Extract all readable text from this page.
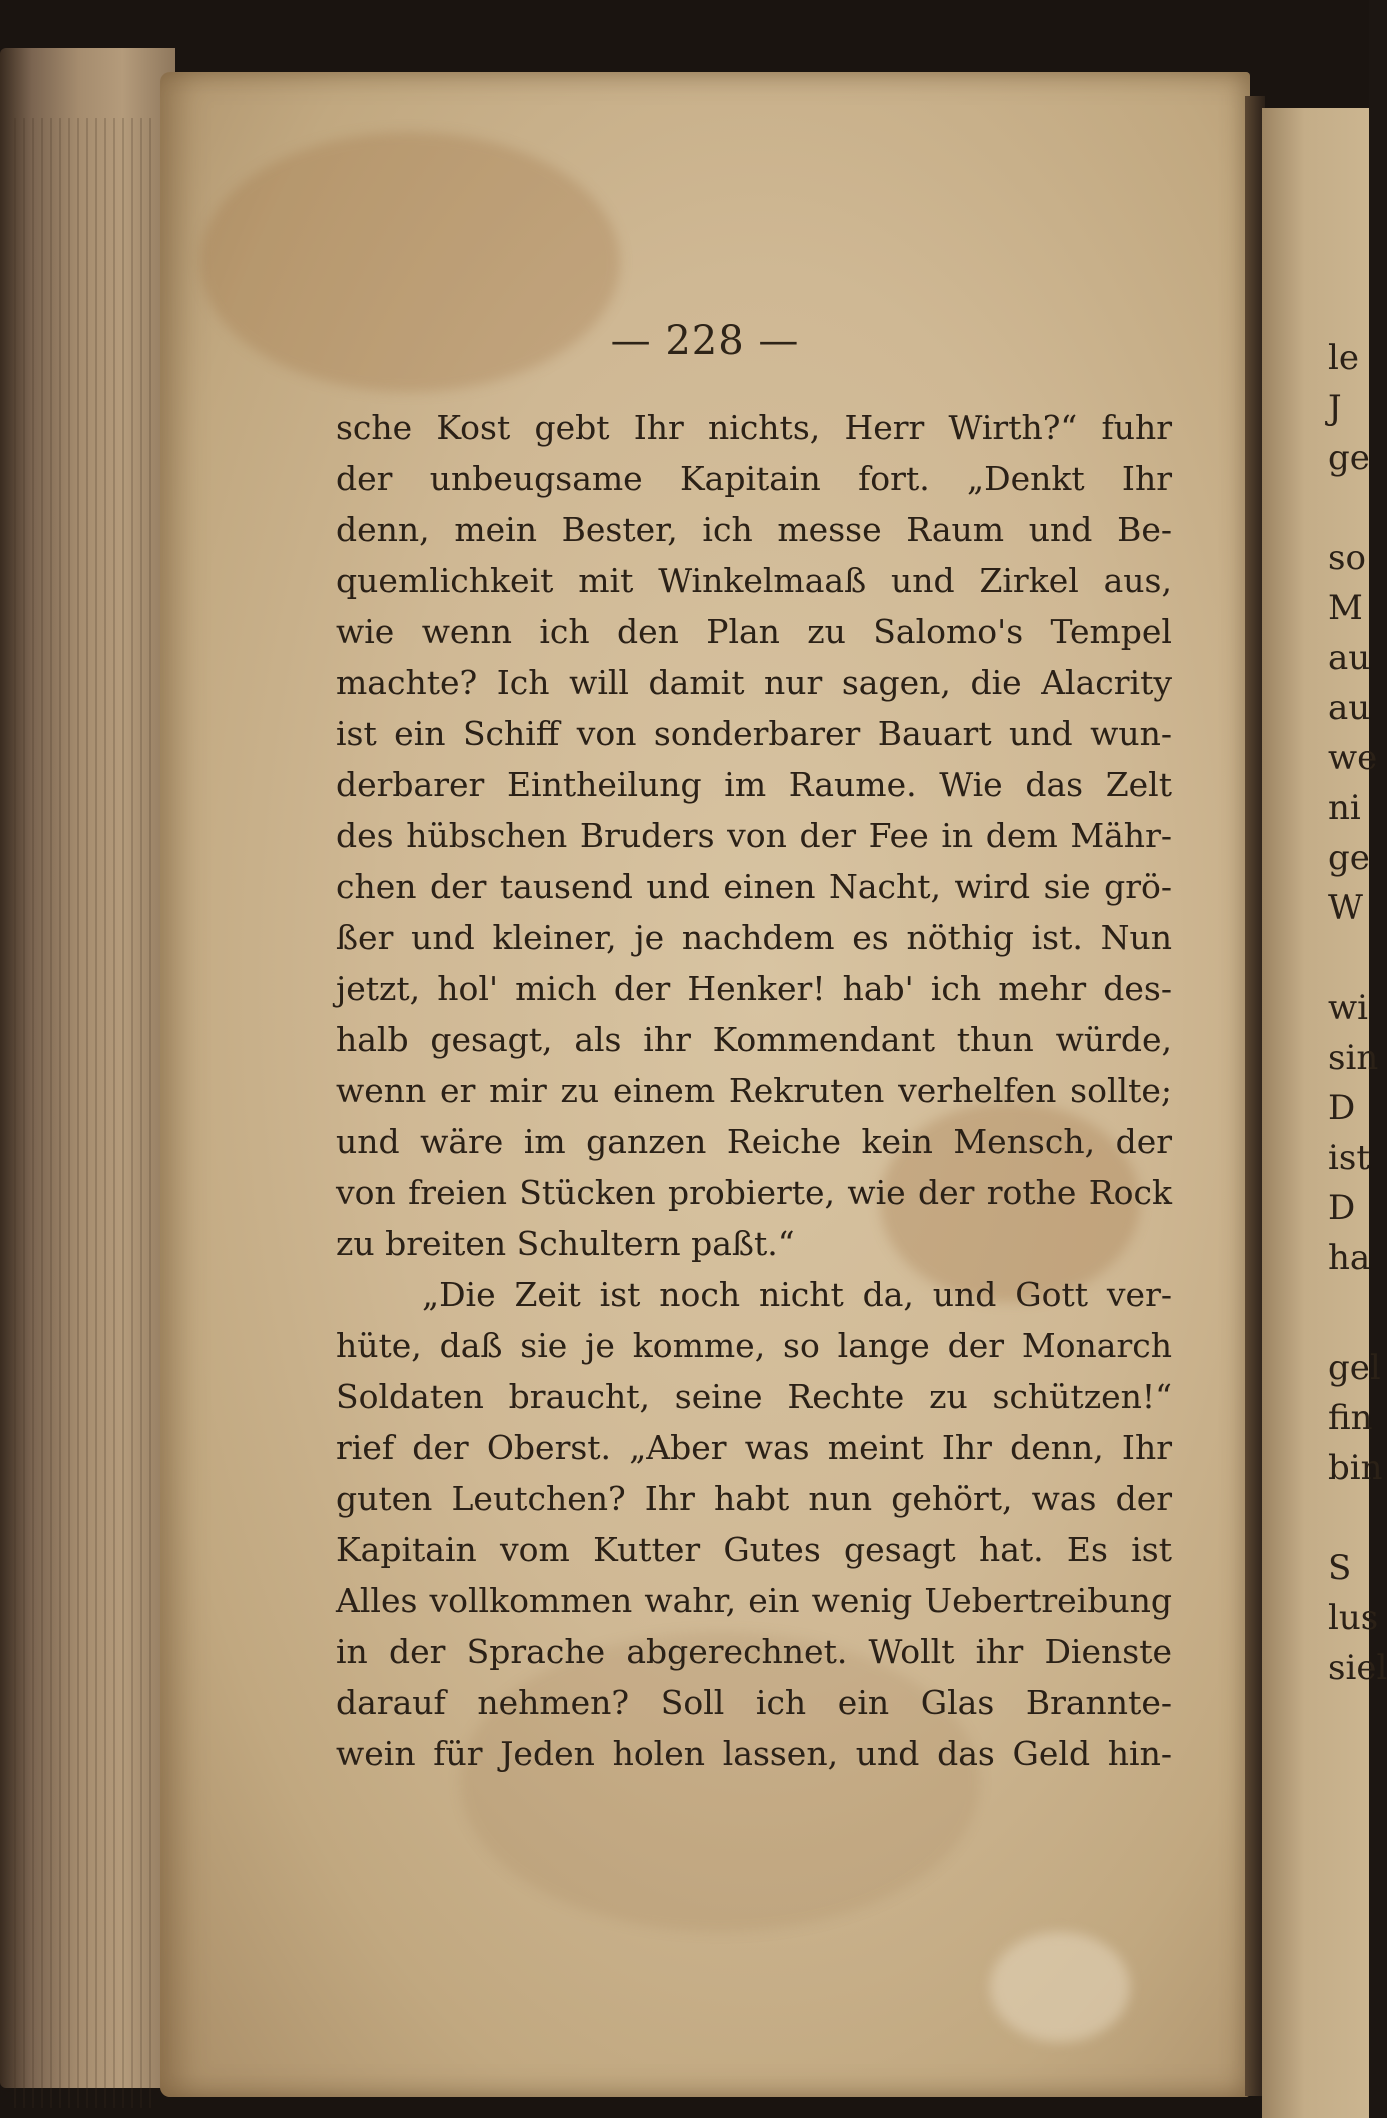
— 228 —
sche Kost gebt Ihr nichts, Herr Wirth?“ fuhr
der unbeugsame Kapitain fort. „Denkt Ihr
denn, mein Bester, ich messe Raum und Be-
quemlichkeit mit Winkelmaaß und Zirkel aus,
wie wenn ich den Plan zu Salomo's Tempel
machte? Ich will damit nur sagen, die Alacrity
ist ein Schiff von sonderbarer Bauart und wun-
derbarer Eintheilung im Raume. Wie das Zelt
des hübschen Bruders von der Fee in dem Mähr-
chen der tausend und einen Nacht, wird sie grö-
ßer und kleiner, je nachdem es nöthig ist. Nun
jetzt, hol' mich der Henker! hab' ich mehr des-
halb gesagt, als ihr Kommendant thun würde,
wenn er mir zu einem Rekruten verhelfen sollte;
und wäre im ganzen Reiche kein Mensch, der
von freien Stücken probierte, wie der rothe Rock
zu breiten Schultern paßt.“
„Die Zeit ist noch nicht da, und Gott ver-
hüte, daß sie je komme, so lange der Monarch
Soldaten braucht, seine Rechte zu schützen!“
rief der Oberst. „Aber was meint Ihr denn, Ihr
guten Leutchen? Ihr habt nun gehört, was der
Kapitain vom Kutter Gutes gesagt hat. Es ist
Alles vollkommen wahr, ein wenig Uebertreibung
in der Sprache abgerechnet. Wollt ihr Dienste
darauf nehmen? Soll ich ein Glas Brannte-
wein für Jeden holen lassen, und das Geld hin-
le
J
ge
so
M
au
au
we
ni
ge
W
wi
sin
D
ist
D
ha
gel
fin
bin
S
lus
siel
